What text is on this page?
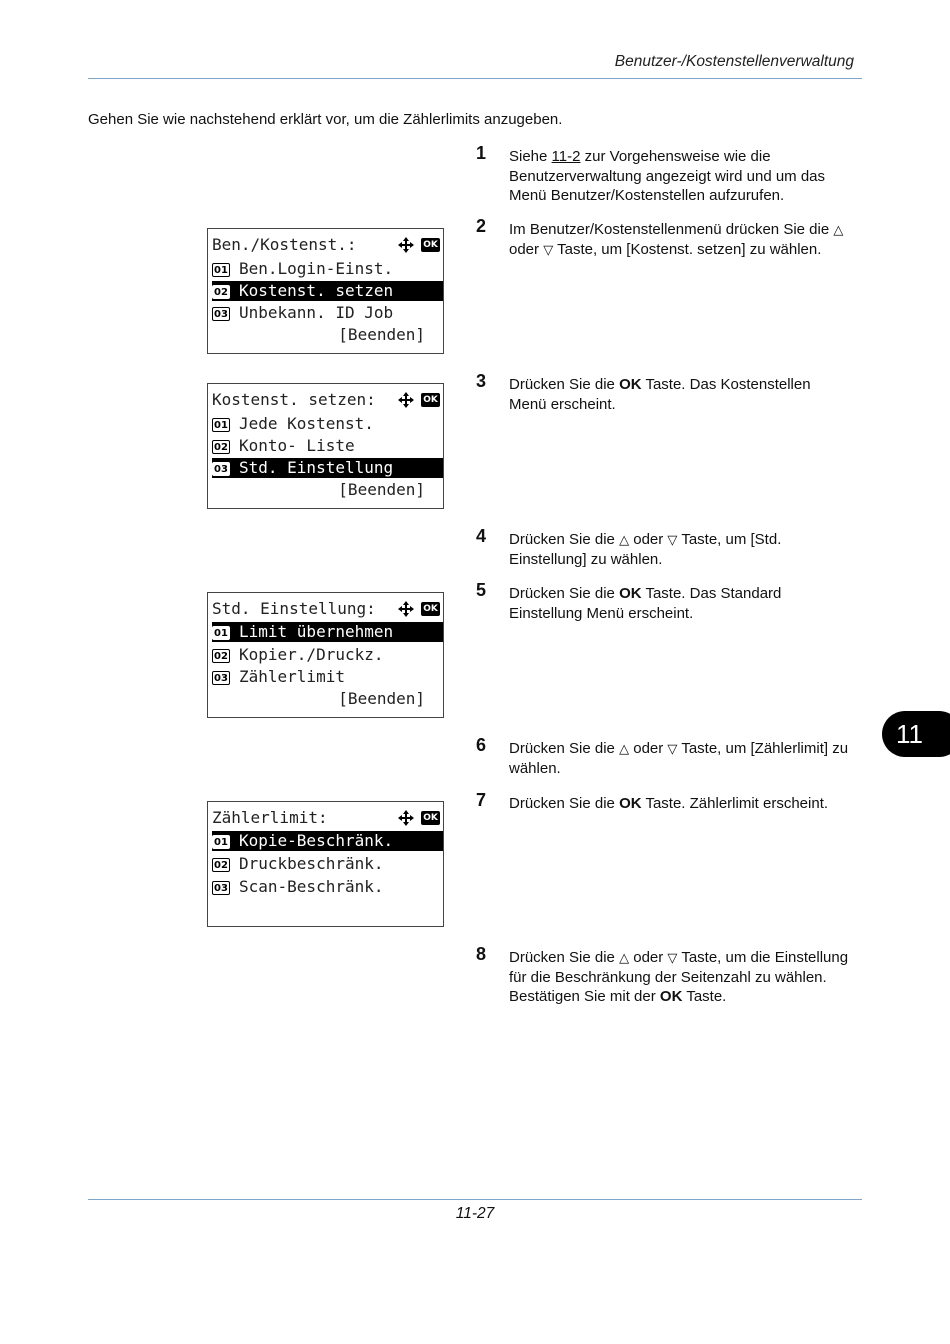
Benutzer-/Kostenstellenverwaltung
Gehen Sie wie nachstehend erklärt vor, um die Zählerlimits anzugeben.
1 Siehe 11-2 zur Vorgehensweise wie die Benutzerverwaltung angezeigt wird und um das Menü Benutzer/Kostenstellen aufzurufen.
2 Im Benutzer/Kostenstellenmenü drücken Sie die △ oder ▽ Taste, um [Kostenst. setzen] zu wählen.
3 Drücken Sie die OK Taste. Das Kostenstellen Menü erscheint.
4 Drücken Sie die △ oder ▽ Taste, um [Std. Einstellung] zu wählen.
5 Drücken Sie die OK Taste. Das Standard Einstellung Menü erscheint.
6 Drücken Sie die △ oder ▽ Taste, um [Zählerlimit] zu wählen.
7 Drücken Sie die OK Taste. Zählerlimit erscheint.
8 Drücken Sie die △ oder ▽ Taste, um die Einstellung für die Beschränkung der Seitenzahl zu wählen. Bestätigen Sie mit der OK Taste.
Ben./Kostenst.:	OK
01 Ben.Login-Einst.
02 Kostenst. setzen
03 Unbekann. ID Job
[Beenden]
Kostenst. setzen:	OK
01 Jede Kostenst.
02 Konto- Liste
03 Std. Einstellung
[Beenden]
Std. Einstellung:	OK
01 Limit übernehmen
02 Kopier./Druckz.
03 Zählerlimit
[Beenden]
Zählerlimit:	OK
01 Kopie-Beschränk.
02 Druckbeschränk.
03 Scan-Beschränk.
11
11-27
